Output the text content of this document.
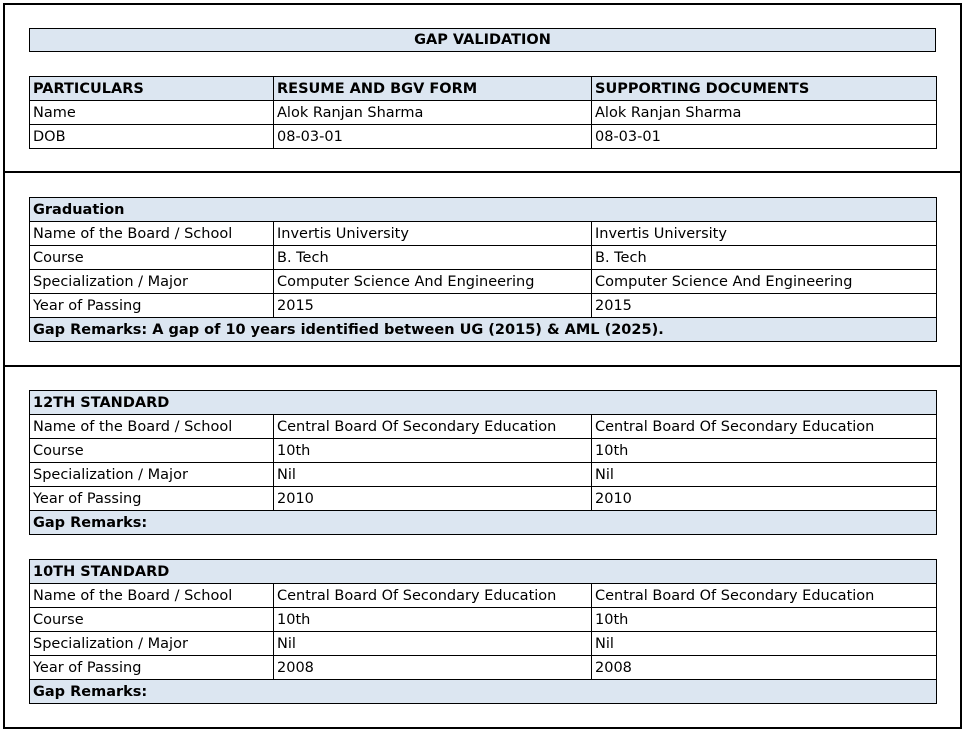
GAP VALIDATION
PARTICULARS	RESUME AND BGV FORM	SUPPORTING DOCUMENTS
Name	Alok Ranjan Sharma	Alok Ranjan Sharma
DOB	08-03-01	08-03-01
Graduation		
Name of the Board / School	Invertis University	Invertis University
Course	B. Tech	B. Tech
Specialization / Major	Computer Science And Engineering	Computer Science And Engineering
Year of Passing	2015	2015
Gap Remarks: A gap of 10 years identified between UG (2015) & AML (2025).		
12TH STANDARD		
Name of the Board / School	Central Board Of Secondary Education	Central Board Of Secondary Education
Course	10th	10th
Specialization / Major	Nil	Nil
Year of Passing	2010	2010
Gap Remarks:		
10TH STANDARD		
Name of the Board / School	Central Board Of Secondary Education	Central Board Of Secondary Education
Course	10th	10th
Specialization / Major	Nil	Nil
Year of Passing	2008	2008
Gap Remarks:		
